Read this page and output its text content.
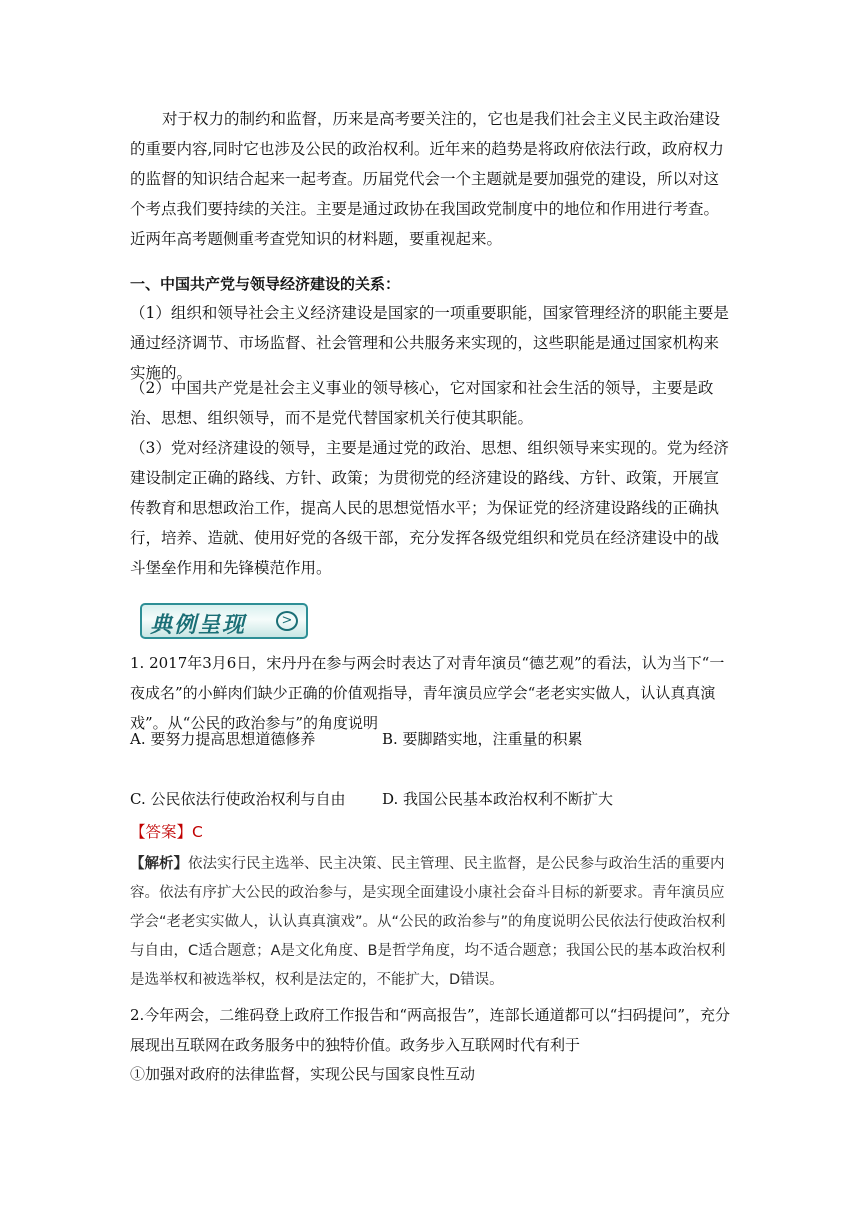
对于权力的制约和监督，历来是高考要关注的，它也是我们社会主义民主政治建设的重要内容,同时它也涉及公民的政治权利。近年来的趋势是将政府依法行政，政府权力的监督的知识结合起来一起考查。历届党代会一个主题就是要加强党的建设，所以对这个考点我们要持续的关注。主要是通过政协在我国政党制度中的地位和作用进行考查。近两年高考题侧重考查党知识的材料题，要重视起来。

一、中国共产党与领导经济建设的关系：

（1）组织和领导社会主义经济建设是国家的一项重要职能，国家管理经济的职能主要是通过经济调节、市场监督、社会管理和公共服务来实现的，这些职能是通过国家机构来实施的。

（2）中国共产党是社会主义事业的领导核心，它对国家和社会生活的领导，主要是政治、思想、组织领导，而不是党代替国家机关行使其职能。

（3）党对经济建设的领导，主要是通过党的政治、思想、组织领导来实现的。党为经济建设制定正确的路线、方针、政策；为贯彻党的经济建设的路线、方针、政策，开展宣传教育和思想政治工作，提高人民的思想觉悟水平；为保证党的经济建设路线的正确执行，培养、造就、使用好党的各级干部，充分发挥各级党组织和党员在经济建设中的战斗堡垒作用和先锋模范作用。

典例呈现	>

1. 2017年3月6日，宋丹丹在参与两会时表达了对青年演员“德艺观”的看法，认为当下“一夜成名”的小鲜肉们缺少正确的价值观指导，青年演员应学会“老老实实做人，认认真真演戏”。从“公民的政治参与”的角度说明

A. 要努力提高思想道德修养	B. 要脚踏实地，注重量的积累
C. 公民依法行使政治权利与自由 D. 我国公民基本政治权利不断扩大
【答案】C

【解析】依法实行民主选举、民主决策、民主管理、民主监督，是公民参与政治生活的重要内容。依法有序扩大公民的政治参与，是实现全面建设小康社会奋斗目标的新要求。青年演员应学会“老老实实做人，认认真真演戏”。从“公民的政治参与”的角度说明公民依法行使政治权利与自由，C适合题意；A是文化角度、B是哲学角度，均不适合题意；我国公民的基本政治权利是选举权和被选举权，权利是法定的，不能扩大，D错误。

2.今年两会，二维码登上政府工作报告和“两高报告”，连部长通道都可以“扫码提问”，充分展现出互联网在政务服务中的独特价值。政务步入互联网时代有利于

①加强对政府的法律监督，实现公民与国家良性互动
